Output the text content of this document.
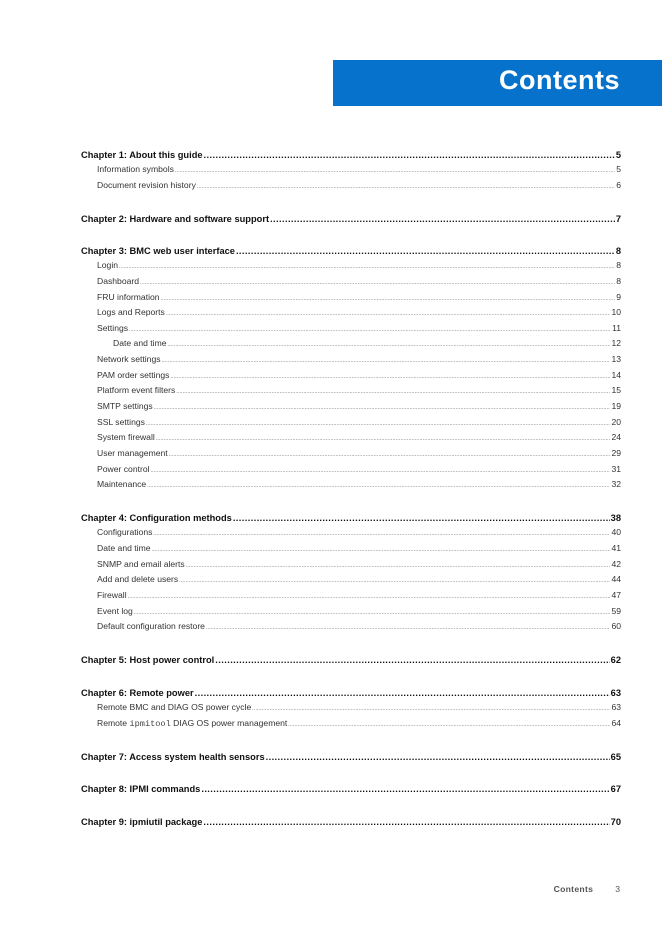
Contents
Chapter 1: About this guide .....	5
Information symbols .....	5
Document revision history .....	6
Chapter 2: Hardware and software support .....	7
Chapter 3: BMC web user interface .....	8
Login .....	8
Dashboard .....	8
FRU information .....	9
Logs and Reports .....	10
Settings .....	11
Date and time .....	12
Network settings .....	13
PAM order settings .....	14
Platform event filters .....	15
SMTP settings .....	19
SSL settings .....	20
System firewall .....	24
User management .....	29
Power control .....	31
Maintenance .....	32
Chapter 4: Configuration methods .....	38
Configurations .....	40
Date and time .....	41
SNMP and email alerts .....	42
Add and delete users .....	44
Firewall .....	47
Event log .....	59
Default configuration restore .....	60
Chapter 5: Host power control .....	62
Chapter 6: Remote power .....	63
Remote BMC and DIAG OS power cycle .....	63
Remote ipmitool DIAG OS power management .....	64
Chapter 7: Access system health sensors .....	65
Chapter 8: IPMI commands .....	67
Chapter 9: ipmiutil package .....	70
Contents	3
